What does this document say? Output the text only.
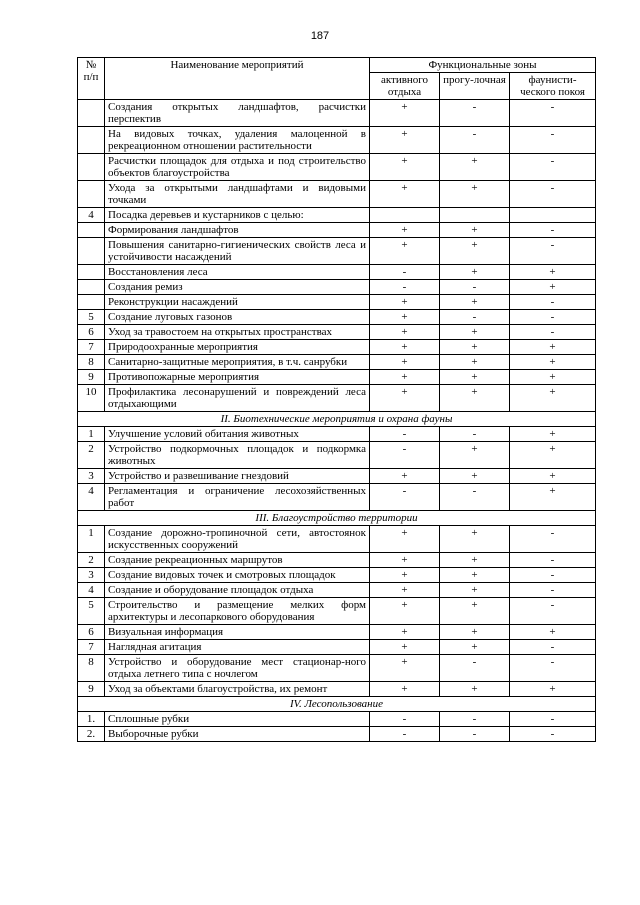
187
№ п/п	Наименование мероприятий	Функциональные зоны		
		активного отдыха	прогу-лочная	фаунисти-ческого покоя
	Создания открытых ландшафтов, расчистки перспектив	+	-	-
	На видовых точках, удаления малоценной в рекреационном отношении растительности	+	-	-
	Расчистки площадок для отдыха и под строительство объектов благоустройства	+	+	-
	Ухода за открытыми ландшафтами и видовыми точками	+	+	-
4	Посадка деревьев и кустарников с целью:			
	Формирования ландшафтов	+	+	-
	Повышения санитарно-гигиенических свойств леса и устойчивости насаждений	+	+	-
	Восстановления леса	-	+	+
	Создания ремиз	-	-	+
	Реконструкции насаждений	+	+	-
5	Создание луговых газонов	+	-	-
6	Уход за травостоем на открытых пространствах	+	+	-
7	Природоохранные мероприятия	+	+	+
8	Санитарно-защитные мероприятия, в т.ч. санрубки	+	+	+
9	Противопожарные мероприятия	+	+	+
10	Профилактика лесонарушений и повреждений леса отдыхающими	+	+	+
II. Биотехнические мероприятия и охрана фауны				
1	Улучшение условий обитания животных	-	-	+
2	Устройство подкормочных площадок и подкормка животных	-	+	+
3	Устройство и развешивание гнездовий	+	+	+
4	Регламентация и ограничение лесохозяйственных работ	-	-	+
III. Благоустройство территории				
1	Создание дорожно-тропиночной сети, автостоянок искусственных сооружений	+	+	-
2	Создание рекреационных маршрутов	+	+	-
3	Создание видовых точек и смотровых площадок	+	+	-
4	Создание и оборудование площадок отдыха	+	+	-
5	Строительство и размещение мелких форм архитектуры и лесопаркового оборудования	+	+	-
6	Визуальная информация	+	+	+
7	Наглядная агитация	+	+	-
8	Устройство и оборудование мест стационар-ного отдыха летнего типа с ночлегом	+	-	-
9	Уход за объектами благоустройства, их ремонт	+	+	+
IV. Лесопользование				
1.	Сплошные рубки	-	-	-
2.	Выборочные рубки	-	-	-
